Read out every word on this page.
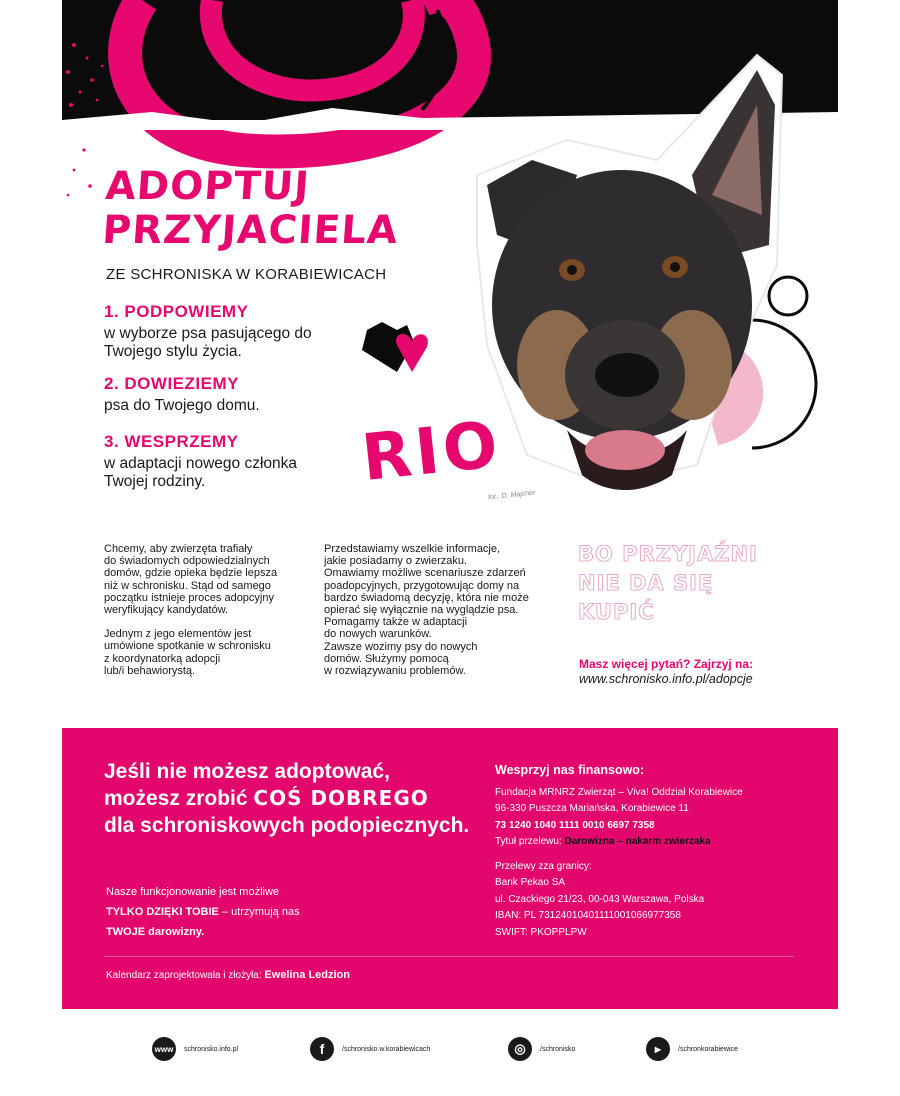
ADOPTUJ
PRZYJACIELA
ZE SCHRONISKA W KORABIEWICACH
1. PODPOWIEMY
w wyborze psa pasującego do Twojego stylu życia.
2. DOWIEZIEMY
psa do Twojego domu.
3. WESPRZEMY
w adaptacji nowego członka Twojej rodziny.	RIO
fot.: D. Majcher

Chcemy, aby zwierzęta trafiały
do świadomych odpowiedzialnych
domów, gdzie opieka będzie lepsza
niż w schronisku. Stąd od samego
początku istnieje proces adopcyjny
weryfikujący kandydatów.

Jednym z jego elementów jest
umówione spotkanie w schronisku
z koordynatorką adopcji
lub/i behawiorystą.

Przedstawiamy wszelkie informacje,
jakie posiadamy o zwierzaku.
Omawiamy możliwe scenariusze zdarzeń
poadopcyjnych, przygotowując domy na
bardzo świadomą decyzję, która nie może
opierać się wyłącznie na wyglądzie psa.
Pomagamy także w adaptacji
do nowych warunków.
Zawsze wozimy psy do nowych
domów. Służymy pomocą
w rozwiązywaniu problemów.

BO PRZYJAŹNI
NIE DA SIĘ
KUPIĆ
Masz więcej pytań? Zajrzyj na:
www.schronisko.info.pl/adopcje
Jeśli nie możesz adoptować,
możesz zrobić COŚ DOBREGO
dla schroniskowych podopiecznych.
Nasze funkcjonowanie jest możliwe
TYLKO DZIĘKI TOBIE – utrzymują nas
TWOJE darowizny.
Wesprzyj nas finansowo:
Fundacja MRNRZ Zwierząt – Viva! Oddział Korabiewice
96-330 Puszcza Mariańska, Korabiewice 11
73 1240 1040 1111 0010 6697 7358
Tytuł przelewu: Darowizna – nakarm zwierzaka
Przelewy zza granicy:
Bank Pekao SA
ul. Czackiego 21/23, 00-043 Warszawa, Polska
IBAN: PL 73124010401111001066977358
SWIFT: PKOPPLPW
Kalendarz zaprojektowała i złożyła: Ewelina Ledzion
www	schronisko.info.pl	f	/schronisko.w.korabiewicach	◎	/schronisko	▶	/schronkorabiewice
